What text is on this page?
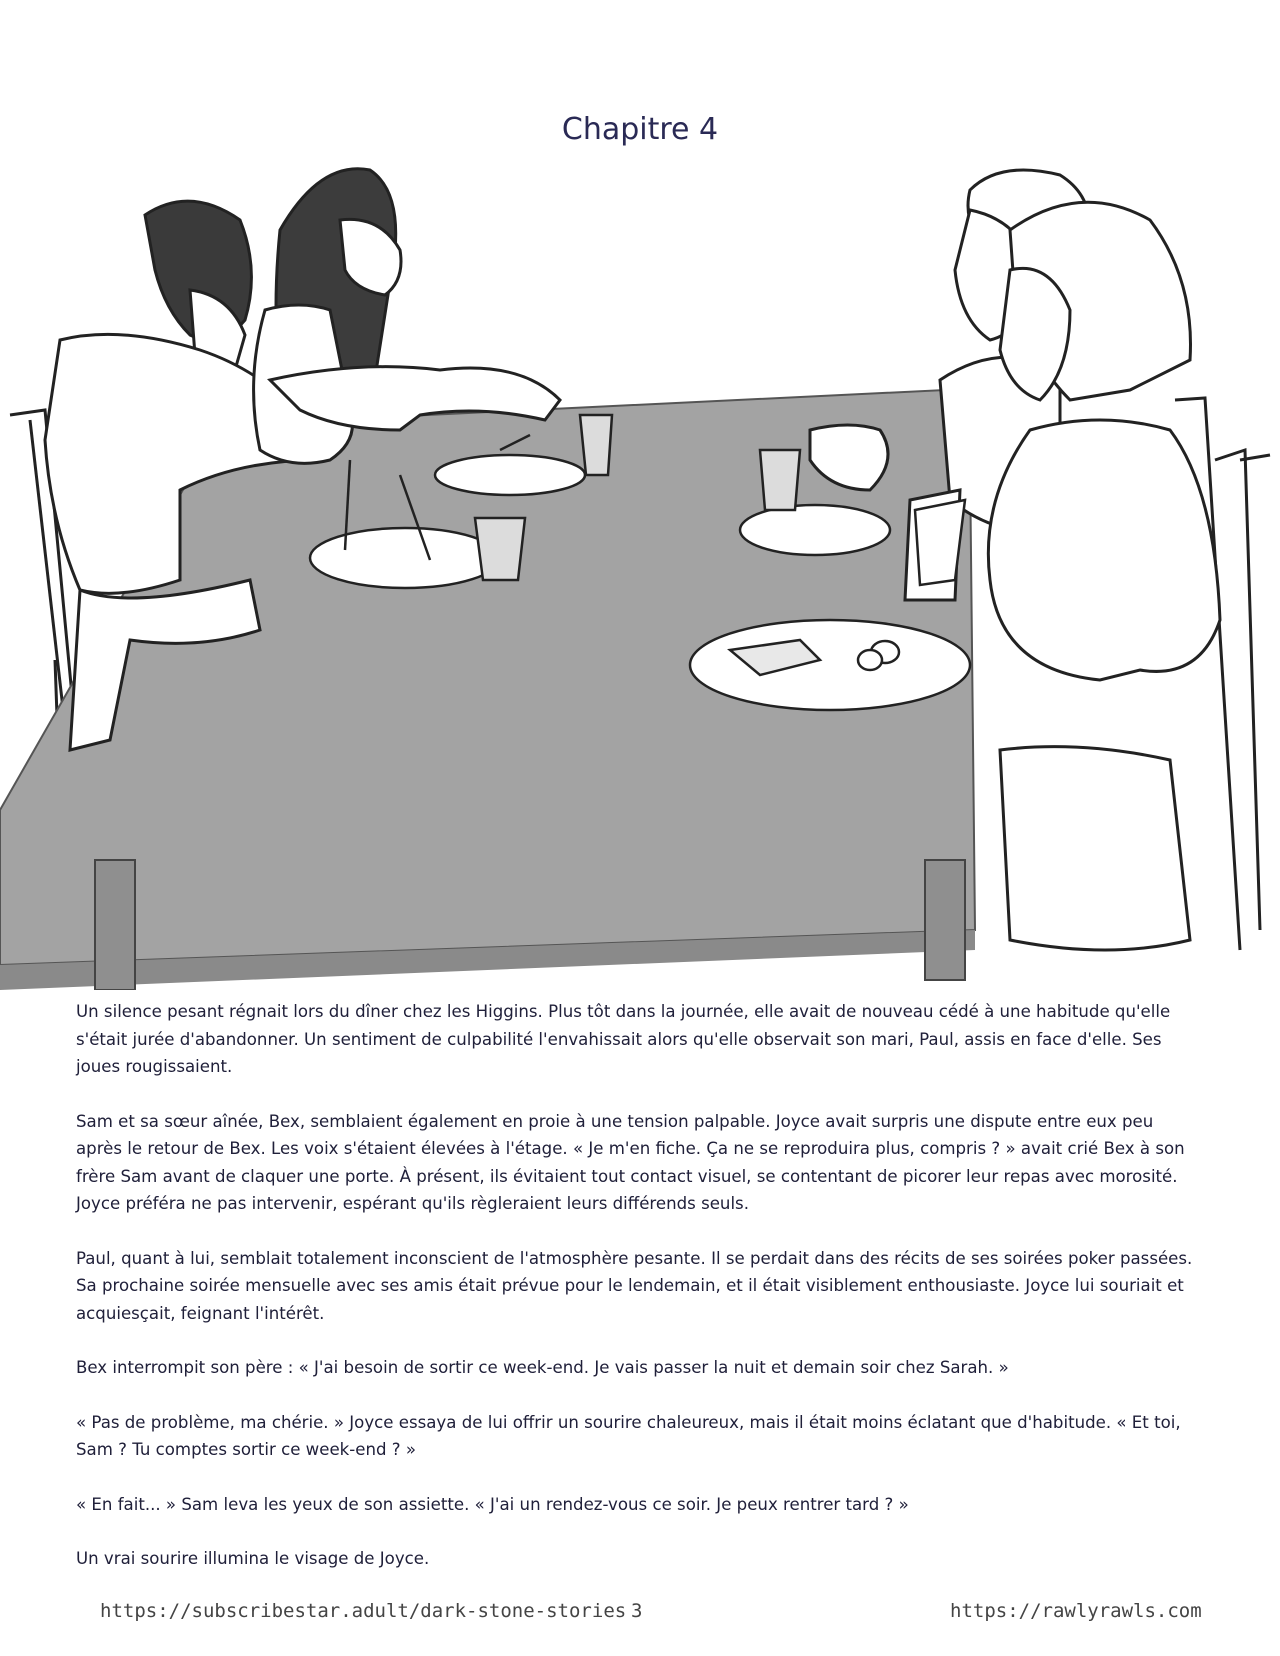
Chapitre 4

Un silence pesant régnait lors du dîner chez les Higgins. Plus tôt dans la journée, elle avait de nouveau cédé à une habitude qu'elle s'était jurée d'abandonner. Un sentiment de culpabilité l'envahissait alors qu'elle observait son mari, Paul, assis en face d'elle. Ses joues rougissaient.

Sam et sa sœur aînée, Bex, semblaient également en proie à une tension palpable. Joyce avait surpris une dispute entre eux peu après le retour de Bex. Les voix s'étaient élevées à l'étage. « Je m'en fiche. Ça ne se reproduira plus, compris ? » avait crié Bex à son frère Sam avant de claquer une porte. À présent, ils évitaient tout contact visuel, se contentant de picorer leur repas avec morosité. Joyce préféra ne pas intervenir, espérant qu'ils règleraient leurs différends seuls.

Paul, quant à lui, semblait totalement inconscient de l'atmosphère pesante. Il se perdait dans des récits de ses soirées poker passées. Sa prochaine soirée mensuelle avec ses amis était prévue pour le lendemain, et il était visiblement enthousiaste. Joyce lui souriait et acquiesçait, feignant l'intérêt.

Bex interrompit son père : « J'ai besoin de sortir ce week-end. Je vais passer la nuit et demain soir chez Sarah. »

« Pas de problème, ma chérie. » Joyce essaya de lui offrir un sourire chaleureux, mais il était moins éclatant que d'habitude. « Et toi, Sam ? Tu comptes sortir ce week-end ? »

« En fait... » Sam leva les yeux de son assiette. « J'ai un rendez-vous ce soir. Je peux rentrer tard ? »

Un vrai sourire illumina le visage de Joyce.

https://subscribestar.adult/dark-stone-stories 3	https://rawlyrawls.com
